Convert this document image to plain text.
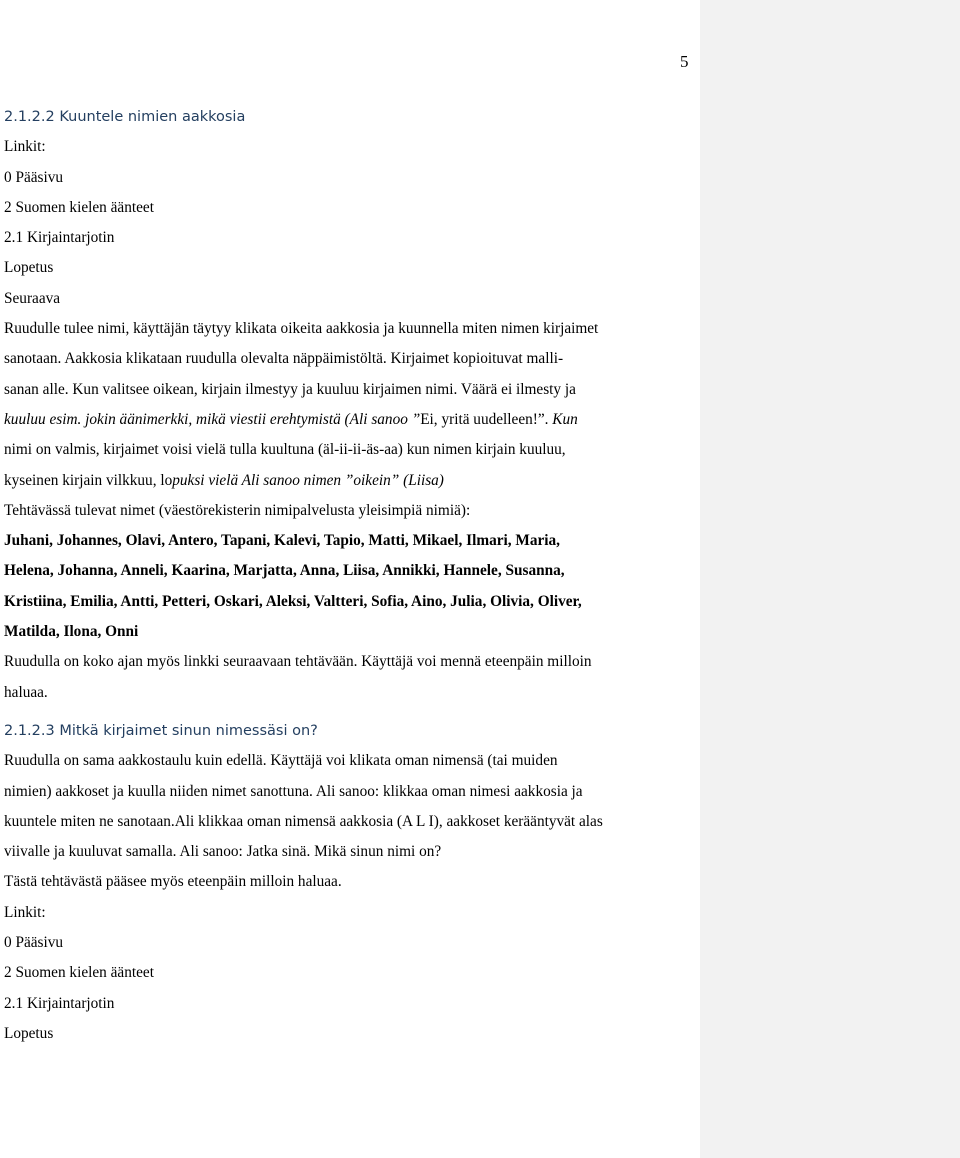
5
2.1.2.2 Kuuntele nimien aakkosia
Linkit:
0 Pääsivu
2 Suomen kielen äänteet
2.1 Kirjaintarjotin
Lopetus
Seuraava
Ruudulle tulee nimi, käyttäjän täytyy klikata oikeita aakkosia ja kuunnella miten nimen kirjaimet
sanotaan. Aakkosia klikataan ruudulla olevalta näppäimistöltä. Kirjaimet kopioituvat malli-
sanan alle. Kun valitsee oikean, kirjain ilmestyy ja kuuluu kirjaimen nimi. Väärä ei ilmesty ja
kuuluu esim. jokin äänimerkki, mikä viestii erehtymistä (Ali sanoo ”Ei, yritä uudelleen!”. Kun
nimi on valmis, kirjaimet voisi vielä tulla kuultuna (äl-ii-ii-äs-aa) kun nimen kirjain kuuluu,
kyseinen kirjain vilkkuu, lopuksi vielä Ali sanoo nimen ”oikein” (Liisa)
Tehtävässä tulevat nimet (väestörekisterin nimipalvelusta yleisimpiä nimiä):
Juhani, Johannes, Olavi, Antero, Tapani, Kalevi, Tapio, Matti, Mikael, Ilmari, Maria,
Helena, Johanna, Anneli, Kaarina, Marjatta, Anna, Liisa, Annikki, Hannele, Susanna,
Kristiina, Emilia, Antti, Petteri, Oskari, Aleksi, Valtteri, Sofia, Aino, Julia, Olivia, Oliver,
Matilda, Ilona, Onni
Ruudulla on koko ajan myös linkki seuraavaan tehtävään. Käyttäjä voi mennä eteenpäin milloin
haluaa.
2.1.2.3 Mitkä kirjaimet sinun nimessäsi on?
Ruudulla on sama aakkostaulu kuin edellä. Käyttäjä voi klikata oman nimensä (tai muiden
nimien) aakkoset ja kuulla niiden nimet sanottuna. Ali sanoo: klikkaa oman nimesi aakkosia ja
kuuntele miten ne sanotaan.Ali klikkaa oman nimensä aakkosia (A L I), aakkoset kerääntyvät alas
viivalle ja kuuluvat samalla. Ali sanoo: Jatka sinä. Mikä sinun nimi on?
Tästä tehtävästä pääsee myös eteenpäin milloin haluaa.
Linkit:
0 Pääsivu
2 Suomen kielen äänteet
2.1 Kirjaintarjotin
Lopetus
